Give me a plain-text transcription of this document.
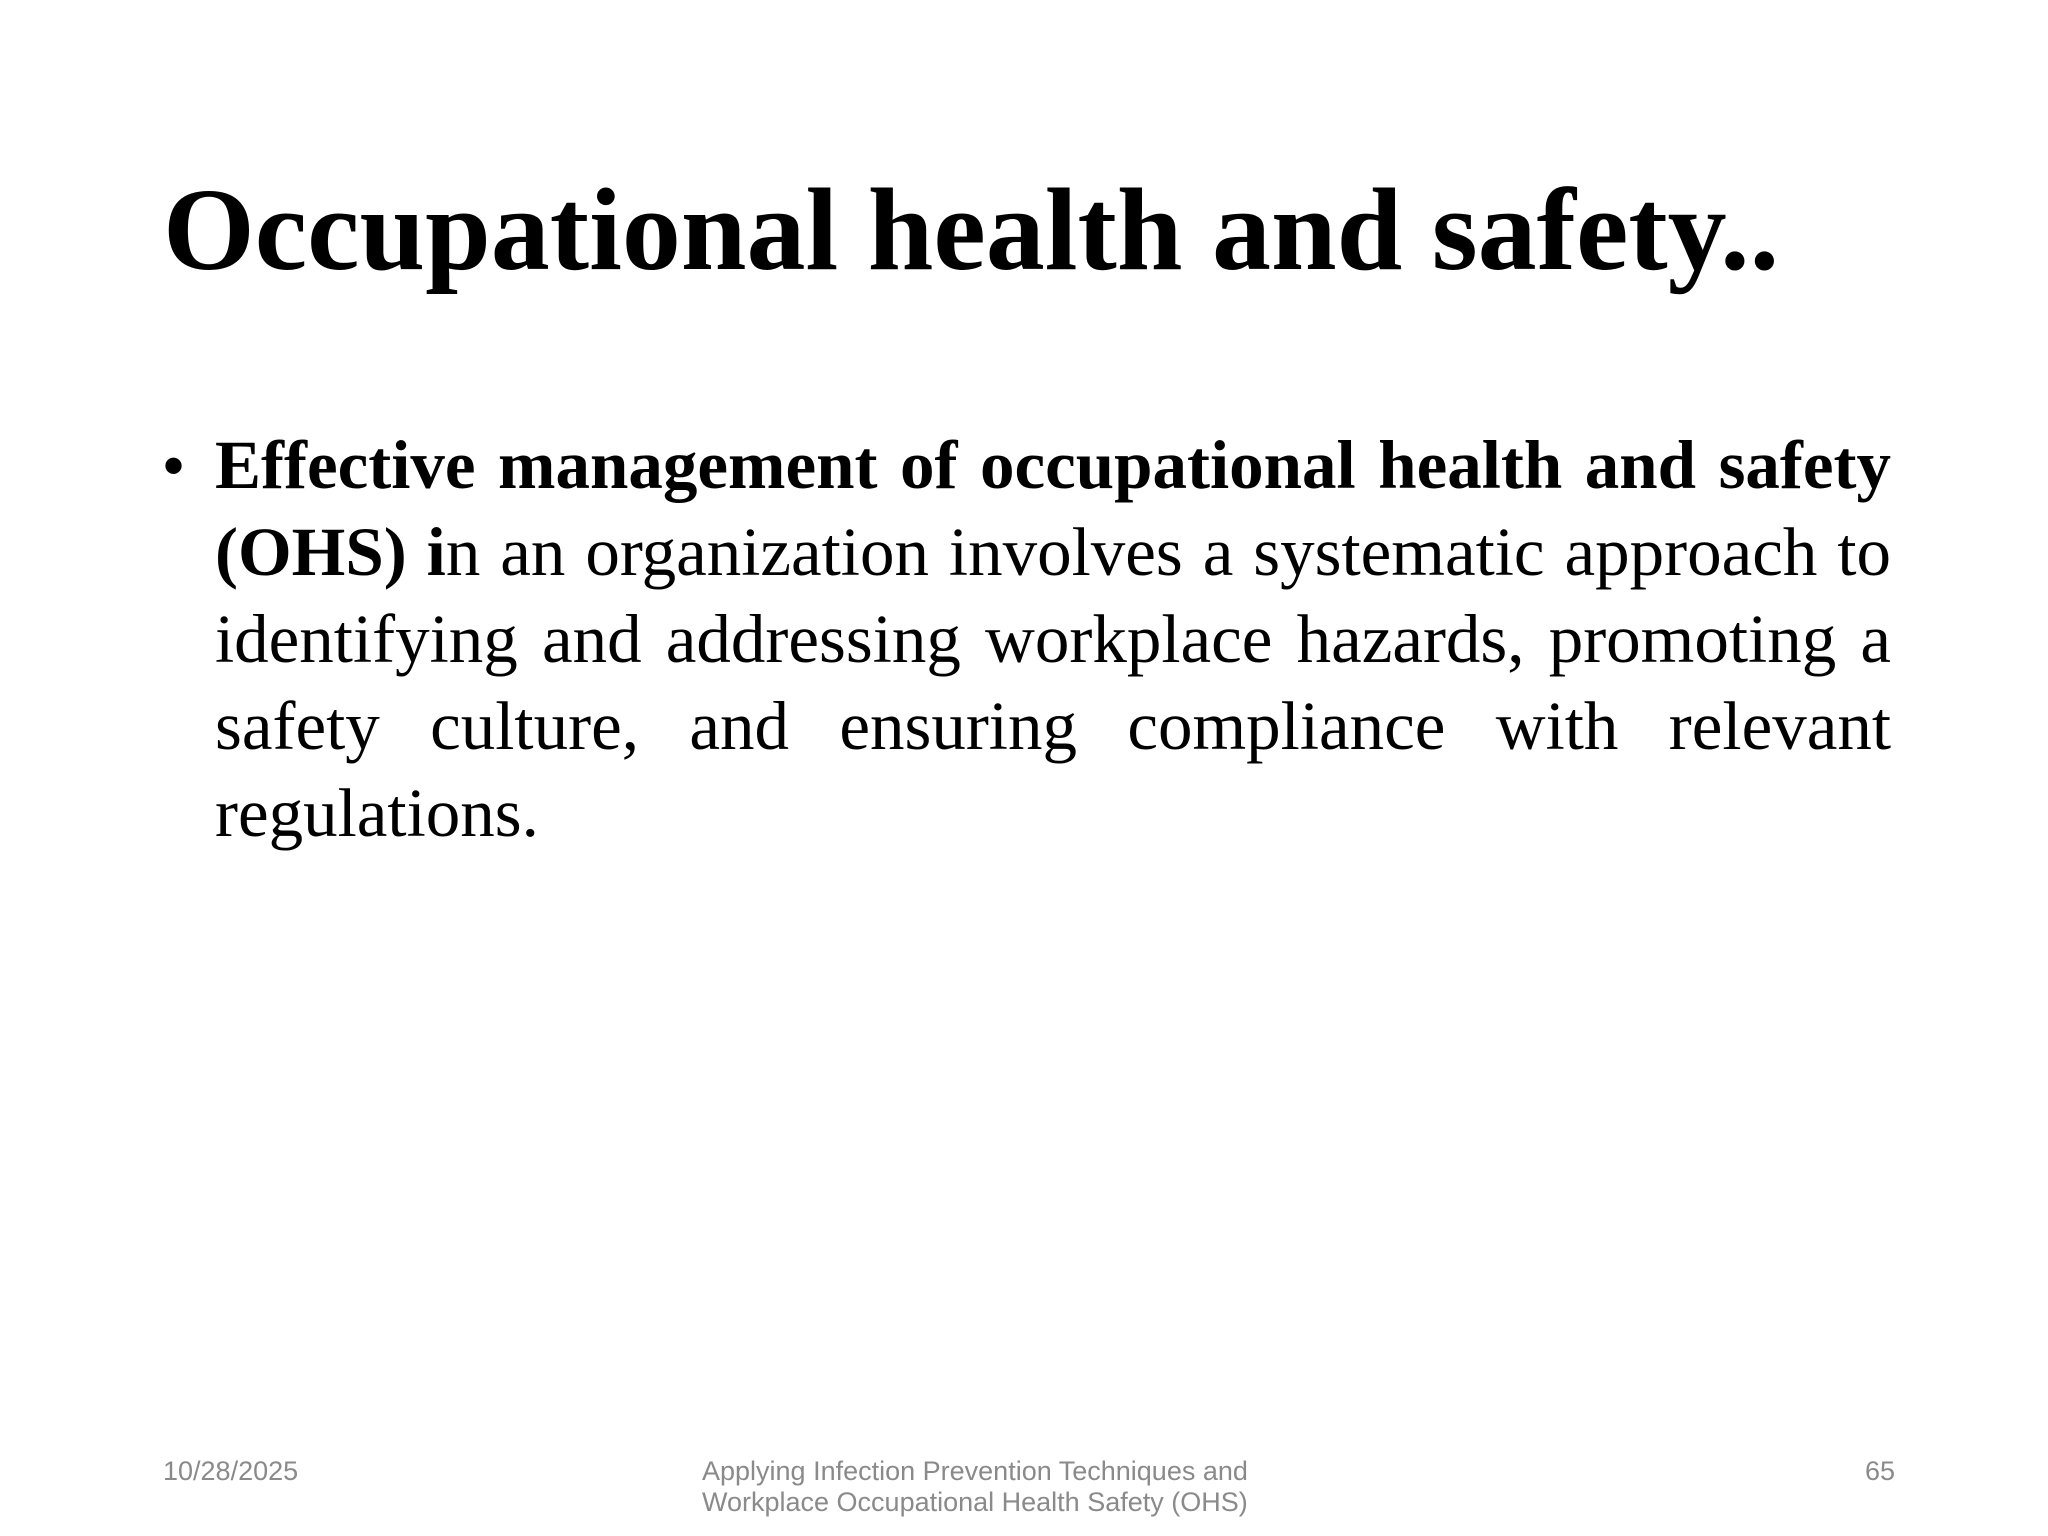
Occupational health and safety..
• Effective management of occupational health and safety (OHS) in an organization involves a systematic approach to identifying and addressing workplace hazards, promoting a safety culture, and ensuring compliance with relevant regulations.
10/28/2025	Applying Infection Prevention Techniques and
Workplace Occupational Health Safety (OHS)
65
